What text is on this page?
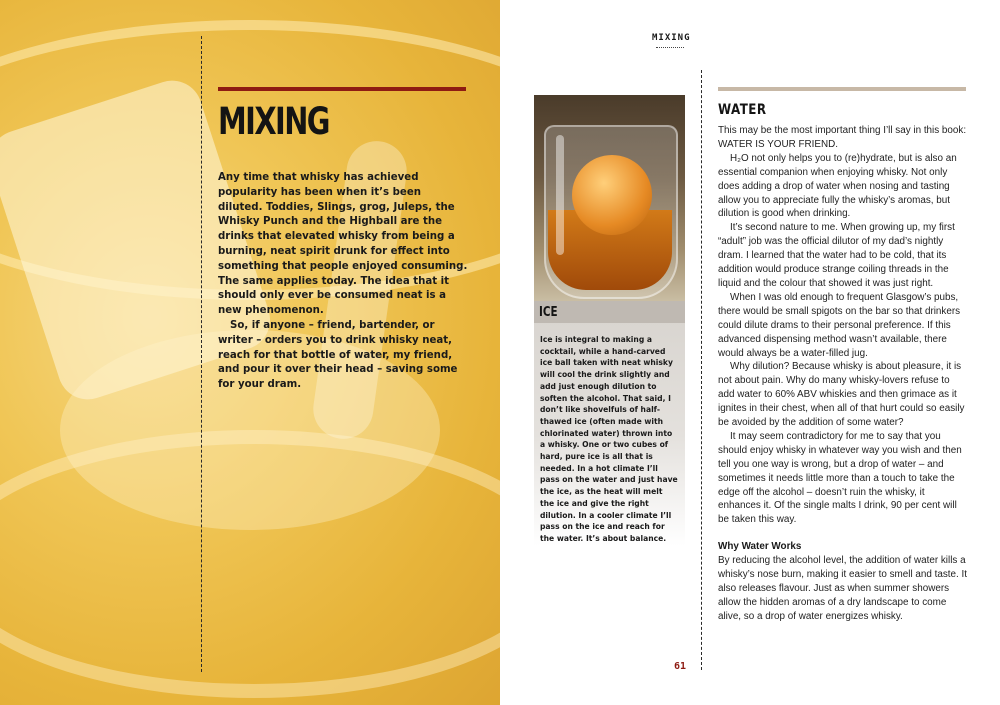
MIXING

Any time that whisky has achieved popularity has been when it’s been diluted. Toddies, Slings, grog, Juleps, the Whisky Punch and the Highball are the drinks that elevated whisky from being a burning, neat spirit drunk for effect into something that people enjoyed consuming. The same applies today. The idea that it should only ever be consumed neat is a new phenomenon.

So, if anyone – friend, bartender, or writer – orders you to drink whisky neat, reach for that bottle of water, my friend, and pour it over their head – saving some for your dram.

MIXING
ICE

Ice is integral to making a cocktail, while a hand-carved ice ball taken with neat whisky will cool the drink slightly and add just enough dilution to soften the alcohol. That said, I don’t like shovelfuls of half-thawed ice (often made with chlorinated water) thrown into a whisky. One or two cubes of hard, pure ice is all that is needed. In a hot climate I’ll pass on the water and just have the ice, as the heat will melt the ice and give the right dilution. In a cooler climate I’ll pass on the ice and reach for the water. It’s about balance.

WATER

This may be the most important thing I’ll say in this book: WATER IS YOUR FRIEND.

H₂O not only helps you to (re)hydrate, but is also an essential companion when enjoying whisky. Not only does adding a drop of water when nosing and tasting allow you to appreciate fully the whisky’s aromas, but dilution is good when drinking.

It’s second nature to me. When growing up, my first “adult” job was the official dilutor of my dad’s nightly dram. I learned that the water had to be cold, that its addition would produce strange coiling threads in the liquid and the colour that showed it was just right.

When I was old enough to frequent Glasgow’s pubs, there would be small spigots on the bar so that drinkers could dilute drams to their personal preference. If this advanced dispensing method wasn’t available, there would always be a water-filled jug.

Why dilution? Because whisky is about pleasure, it is not about pain. Why do many whisky-lovers refuse to add water to 60% ABV whiskies and then grimace as it ignites in their chest, when all of that hurt could so easily be avoided by the addition of some water?

It may seem contradictory for me to say that you should enjoy whisky in whatever way you wish and then tell you one way is wrong, but a drop of water – and sometimes it needs little more than a touch to take the edge off the alcohol – doesn’t ruin the whisky, it enhances it. Of the single malts I drink, 90 per cent will be taken this way.

Why Water Works

By reducing the alcohol level, the addition of water kills a whisky’s nose burn, making it easier to smell and taste. It also releases flavour. Just as when summer showers allow the hidden aromas of a dry landscape to come alive, so a drop of water energizes whisky.

61
